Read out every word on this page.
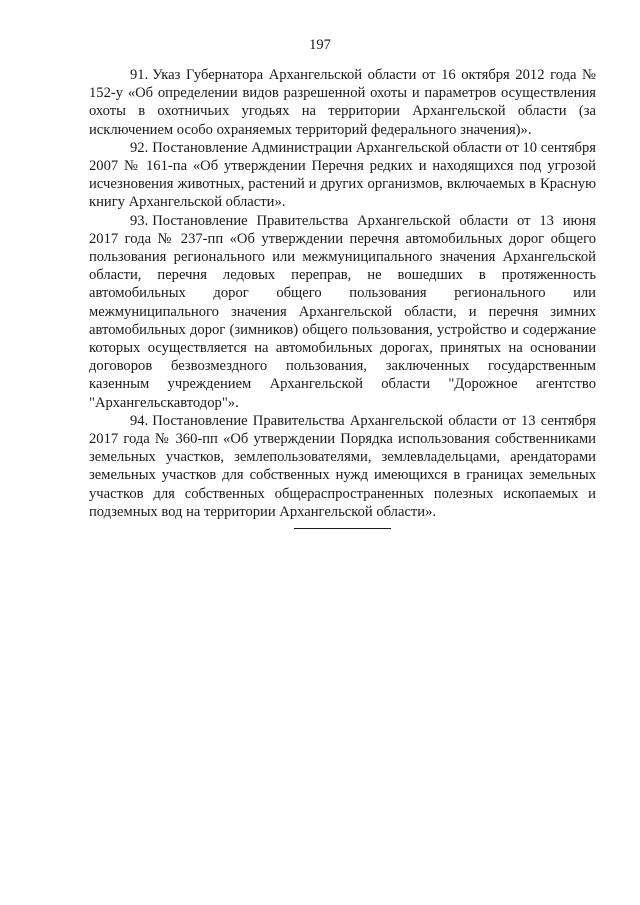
197

91. Указ Губернатора Архангельской области от 16 октября 2012 года № 152-у «Об определении видов разрешенной охоты и параметров осуществления охоты в охотничьих угодьях на территории Архангельской области (за исключением особо охраняемых территорий федерального значения)».

92. Постановление Администрации Архангельской области от 10 сентября 2007 № 161-па «Об утверждении Перечня редких и находящихся под угрозой исчезновения животных, растений и других организмов, включаемых в Красную книгу Архангельской области».

93. Постановление Правительства Архангельской области от 13 июня 2017 года № 237-пп «Об утверждении перечня автомобильных дорог общего пользования регионального или межмуниципального значения Архангельской области, перечня ледовых переправ, не вошедших в протяженность автомобильных дорог общего пользования регионального или межмуниципального значения Архангельской области, и перечня зимних автомобильных дорог (зимников) общего пользования, устройство и содержание которых осуществляется на автомобильных дорогах, принятых на основании договоров безвозмездного пользования, заключенных государственным казенным учреждением Архангельской области "Дорожное агентство "Архангельскавтодор"».

94. Постановление Правительства Архангельской области от 13 сентября 2017 года № 360-пп «Об утверждении Порядка использования собственниками земельных участков, землепользователями, землевладельцами, арендаторами земельных участков для собственных нужд имеющихся в границах земельных участков для собственных общераспространенных полезных ископаемых и подземных вод на территории Архангельской области».
